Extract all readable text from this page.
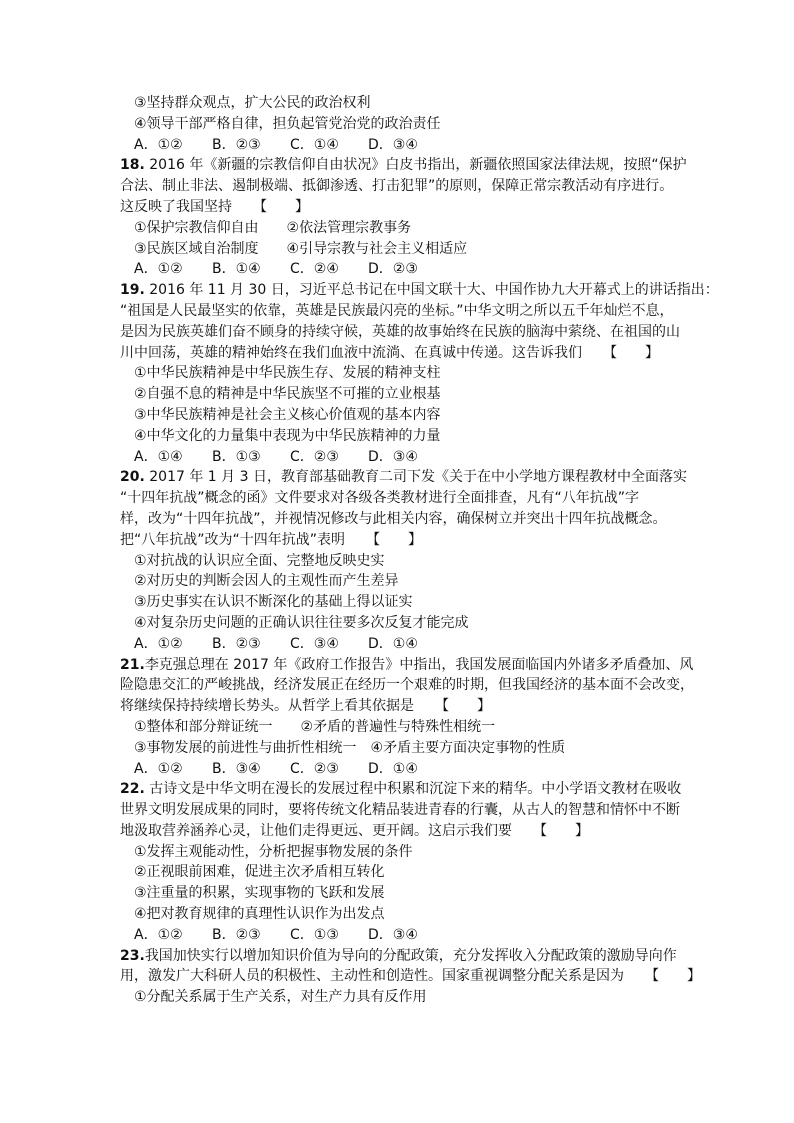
③坚持群众观点，扩大公民的政治权利
④领导干部严格自律，担负起管党治党的政治责任
A．①②	B．②③	C．①④	D．③④
18. 2016 年《新疆的宗教信仰自由状况》白皮书指出，新疆依照国家法律法规，按照“保护
合法、制止非法、遏制极端、抵御渗透、打击犯罪”的原则，保障正常宗教活动有序进行。
这反映了我国坚持　　【　　】
①保护宗教信仰自由　　②依法管理宗教事务
③民族区域自治制度　　④引导宗教与社会主义相适应
A．①②	B．①④	C．②④	D．②③
19. 2016 年 11 月 30 日，习近平总书记在中国文联十大、中国作协九大开幕式上的讲话指出：
“祖国是人民最坚实的依靠，英雄是民族最闪亮的坐标。”中华文明之所以五千年灿烂不息，
是因为民族英雄们奋不顾身的持续守候，英雄的故事始终在民族的脑海中萦绕、在祖国的山
川中回荡，英雄的精神始终在我们血液中流淌、在真诚中传递。这告诉我们　　【　　】
①中华民族精神是中华民族生存、发展的精神支柱
②自强不息的精神是中华民族坚不可摧的立业根基
③中华民族精神是社会主义核心价值观的基本内容
④中华文化的力量集中表现为中华民族精神的力量
A．①④	B．①③	C．②③	D．③④
20. 2017 年 1 月 3 日，教育部基础教育二司下发《关于在中小学地方课程教材中全面落实
“十四年抗战”概念的函》文件要求对各级各类教材进行全面排查，凡有“八年抗战”字
样，改为“十四年抗战”，并视情况修改与此相关内容，确保树立并突出十四年抗战概念。
把“八年抗战”改为“十四年抗战”表明　　【　　】
①对抗战的认识应全面、完整地反映史实
②对历史的判断会因人的主观性而产生差异
③历史事实在认识不断深化的基础上得以证实
④对复杂历史问题的正确认识往往要多次反复才能完成
A．①②	B．②③	C．③④	D．①④
21.李克强总理在 2017 年《政府工作报告》中指出，我国发展面临国内外诸多矛盾叠加、风
险隐患交汇的严峻挑战，经济发展正在经历一个艰难的时期，但我国经济的基本面不会改变，
将继续保持持续增长势头。从哲学上看其依据是　　【　　】
①整体和部分辩证统一　　②矛盾的普遍性与特殊性相统一
③事物发展的前进性与曲折性相统一　④矛盾主要方面决定事物的性质
A．①②	B．③④	C．②③	D．①④
22. 古诗文是中华文明在漫长的发展过程中积累和沉淀下来的精华。中小学语文教材在吸收
世界文明发展成果的同时，要将传统文化精品装进青春的行囊，从古人的智慧和情怀中不断
地汲取营养涵养心灵，让他们走得更远、更开阔。这启示我们要　　【　　】
①发挥主观能动性，分析把握事物发展的条件
②正视眼前困难，促进主次矛盾相互转化
③注重量的积累，实现事物的飞跃和发展
④把对教育规律的真理性认识作为出发点
A．①②	B．②③	C．①③	D．③④
23.我国加快实行以增加知识价值为导向的分配政策，充分发挥收入分配政策的激励导向作
用，激发广大科研人员的积极性、主动性和创造性。国家重视调整分配关系是因为　　【　　】
①分配关系属于生产关系，对生产力具有反作用
